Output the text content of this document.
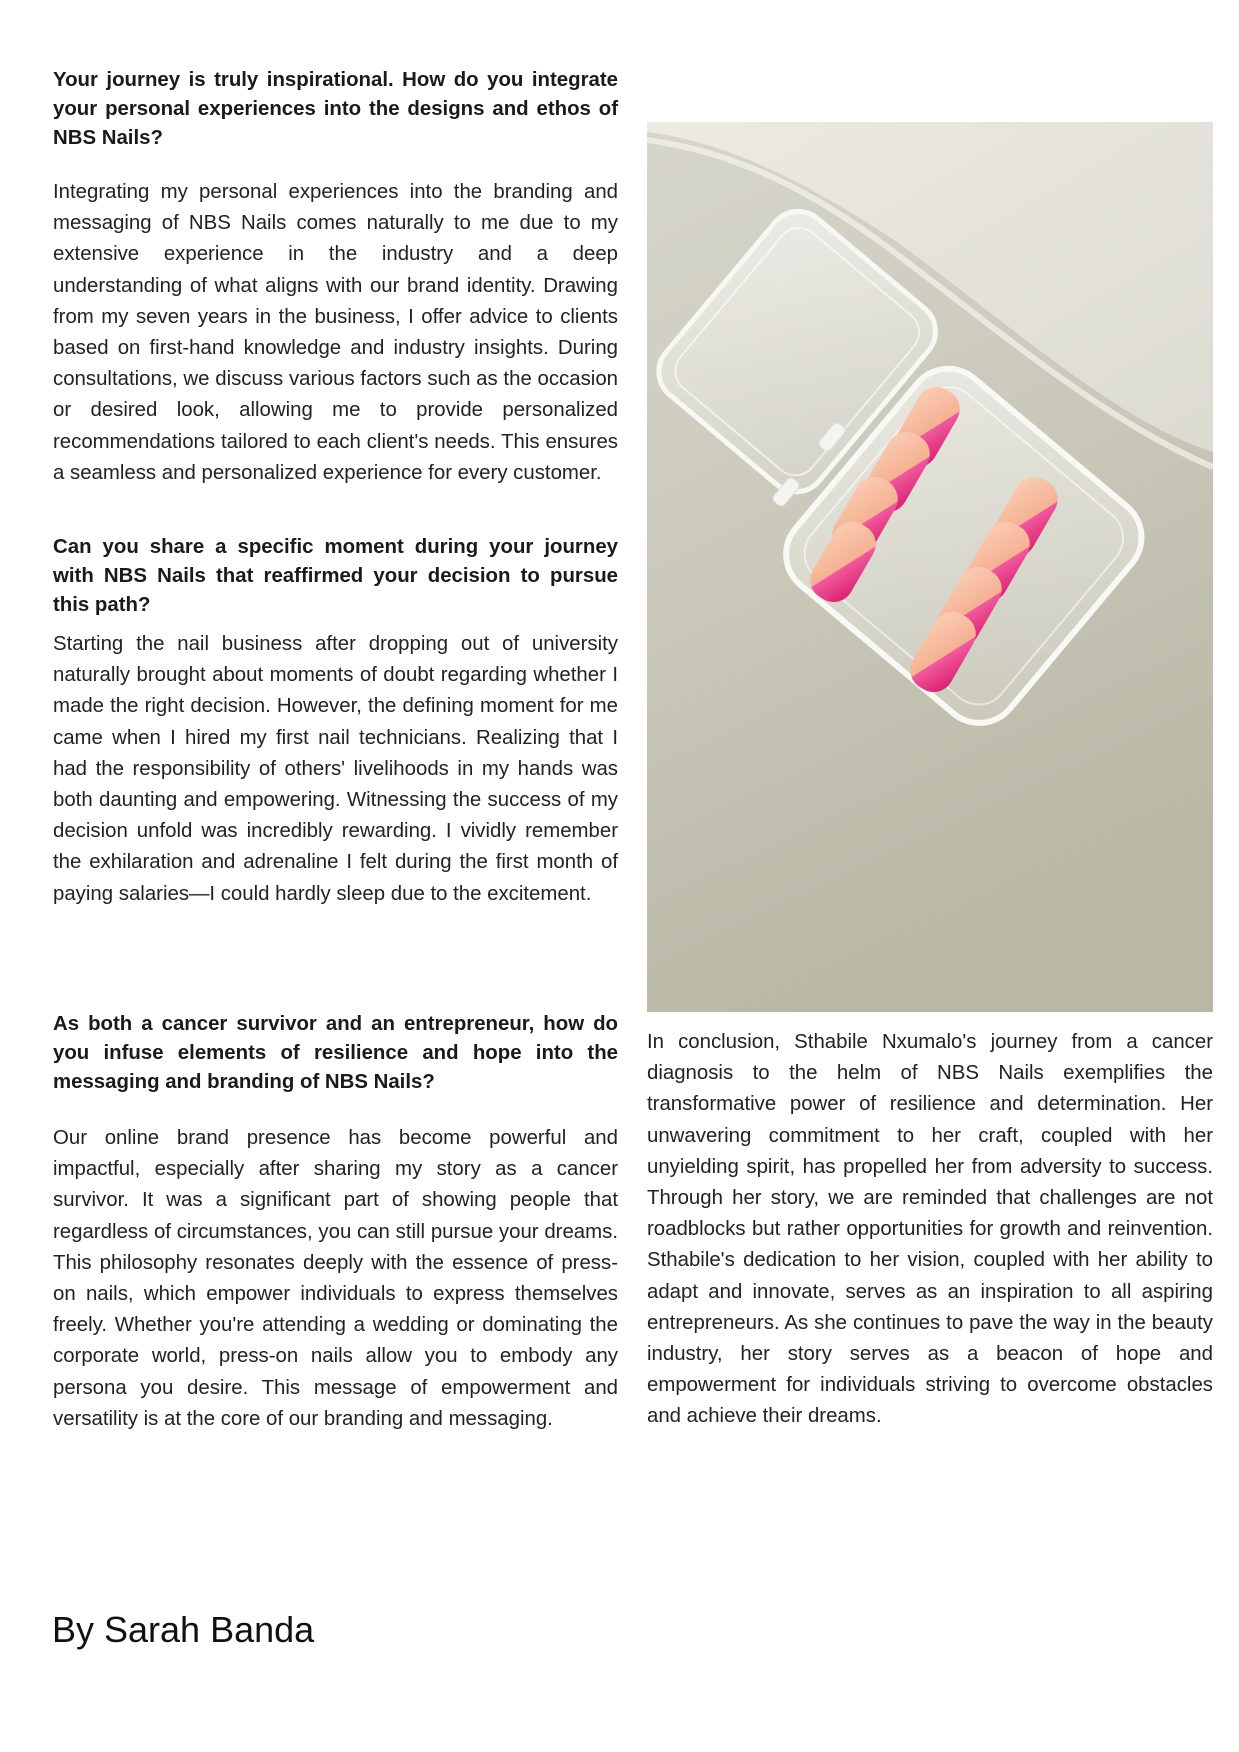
Your journey is truly inspirational. How do you integrate your personal experiences into the designs and ethos of NBS Nails?

Integrating my personal experiences into the branding and messaging of NBS Nails comes naturally to me due to my extensive experience in the industry and a deep understanding of what aligns with our brand identity. Drawing from my seven years in the business, I offer advice to clients based on first-hand knowledge and industry insights. During consultations, we discuss various factors such as the occasion or desired look, allowing me to provide personalized recommendations tailored to each client's needs. This ensures a seamless and personalized experience for every customer.

Can you share a specific moment during your journey with NBS Nails that reaffirmed your decision to pursue this path?

Starting the nail business after dropping out of university naturally brought about moments of doubt regarding whether I made the right decision. However, the defining moment for me came when I hired my first nail technicians. Realizing that I had the responsibility of others' livelihoods in my hands was both daunting and empowering. Witnessing the success of my decision unfold was incredibly rewarding. I vividly remember the exhilaration and adrenaline I felt during the first month of paying salaries—I could hardly sleep due to the excitement.

As both a cancer survivor and an entrepreneur, how do you infuse elements of resilience and hope into the messaging and branding of NBS Nails?

Our online brand presence has become powerful and impactful, especially after sharing my story as a cancer survivor. It was a significant part of showing people that regardless of circumstances, you can still pursue your dreams. This philosophy resonates deeply with the essence of press-on nails, which empower individuals to express themselves freely. Whether you're attending a wedding or dominating the corporate world, press-on nails allow you to embody any persona you desire. This message of empowerment and versatility is at the core of our branding and messaging.

In conclusion, Sthabile Nxumalo's journey from a cancer diagnosis to the helm of NBS Nails exemplifies the transformative power of resilience and determination. Her unwavering commitment to her craft, coupled with her unyielding spirit, has propelled her from adversity to success. Through her story, we are reminded that challenges are not roadblocks but rather opportunities for growth and reinvention. Sthabile's dedication to her vision, coupled with her ability to adapt and innovate, serves as an inspiration to all aspiring entrepreneurs. As she continues to pave the way in the beauty industry, her story serves as a beacon of hope and empowerment for individuals striving to overcome obstacles and achieve their dreams.

By Sarah Banda
